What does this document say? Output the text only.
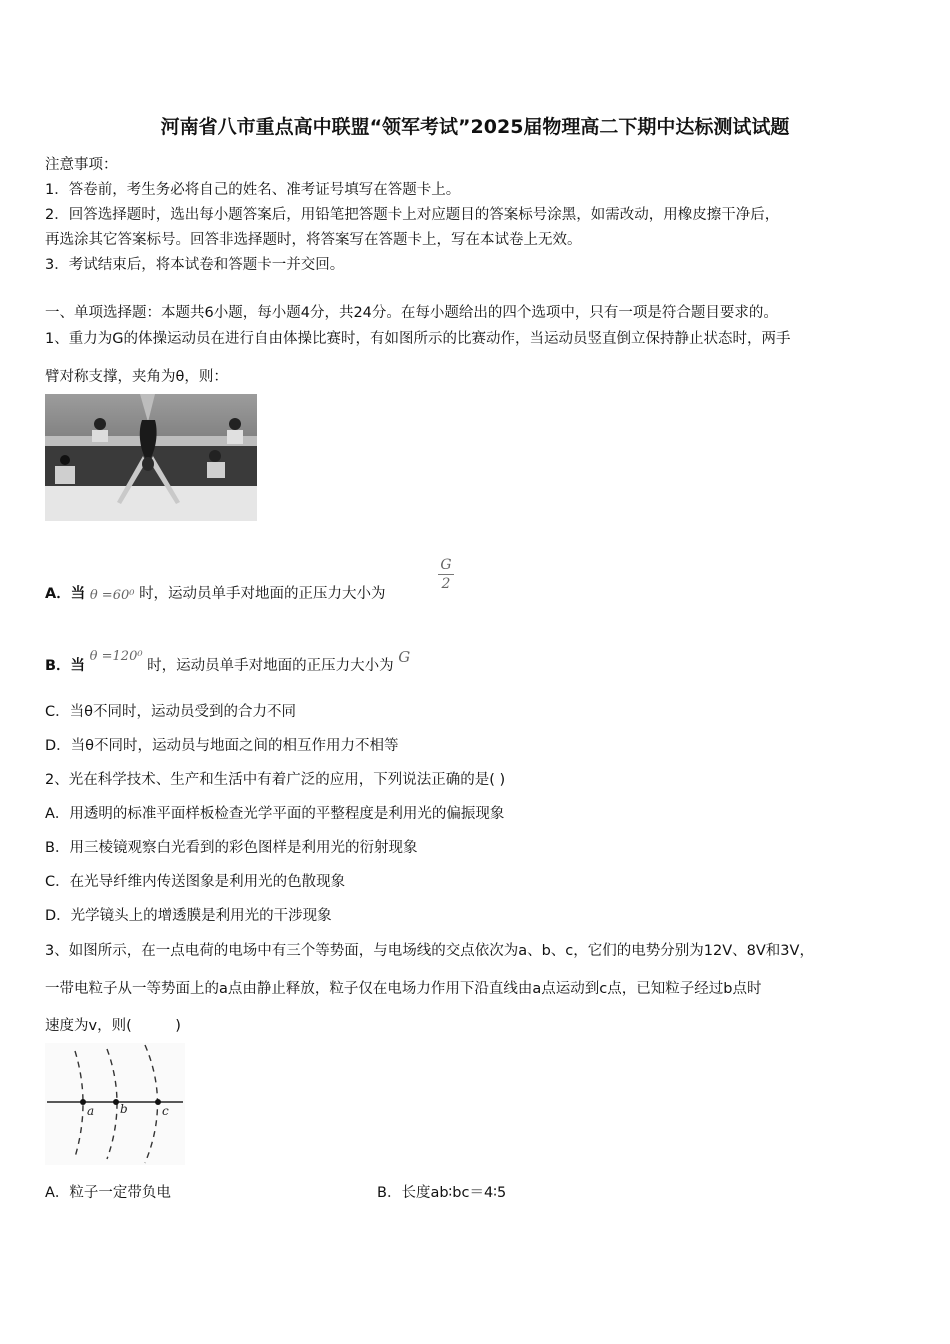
河南省八市重点高中联盟“领军考试”2025届物理高二下期中达标测试试题
注意事项：
1．答卷前，考生务必将自己的姓名、准考证号填写在答题卡上。
2．回答选择题时，选出每小题答案后，用铅笔把答题卡上对应题目的答案标号涂黑，如需改动，用橡皮擦干净后，
再选涂其它答案标号。回答非选择题时，将答案写在答题卡上，写在本试卷上无效。
3．考试结束后，将本试卷和答题卡一并交回。
一、单项选择题：本题共6小题，每小题4分，共24分。在每小题给出的四个选项中，只有一项是符合题目要求的。
1、重力为G的体操运动员在进行自由体操比赛时，有如图所示的比赛动作，当运动员竖直倒立保持静止状态时，两手
臂对称支撑，夹角为θ，则：
A．当 θ =60⁰ 时，运动员单手对地面的正压力大小为
$\frac{G}{2}$
B．当 θ =120⁰ 时，运动员单手对地面的正压力大小为 G
C．当θ不同时，运动员受到的合力不同
D．当θ不同时，运动员与地面之间的相互作用力不相等
2、光在科学技术、生产和生活中有着广泛的应用，下列说法正确的是( )
A．用透明的标准平面样板检查光学平面的平整程度是利用光的偏振现象
B．用三棱镜观察白光看到的彩色图样是利用光的衍射现象
C．在光导纤维内传送图象是利用光的色散现象
D．光学镜头上的增透膜是利用光的干涉现象
3、如图所示，在一点电荷的电场中有三个等势面，与电场线的交点依次为a、b、c，它们的电势分别为12V、8V和3V，
一带电粒子从一等势面上的a点由静止释放，粒子仅在电场力作用下沿直线由a点运动到c点，已知粒子经过b点时
速度为v，则(　　　)
a b	c
A．粒子一定带负电	B．长度ab∶bc＝4∶5
